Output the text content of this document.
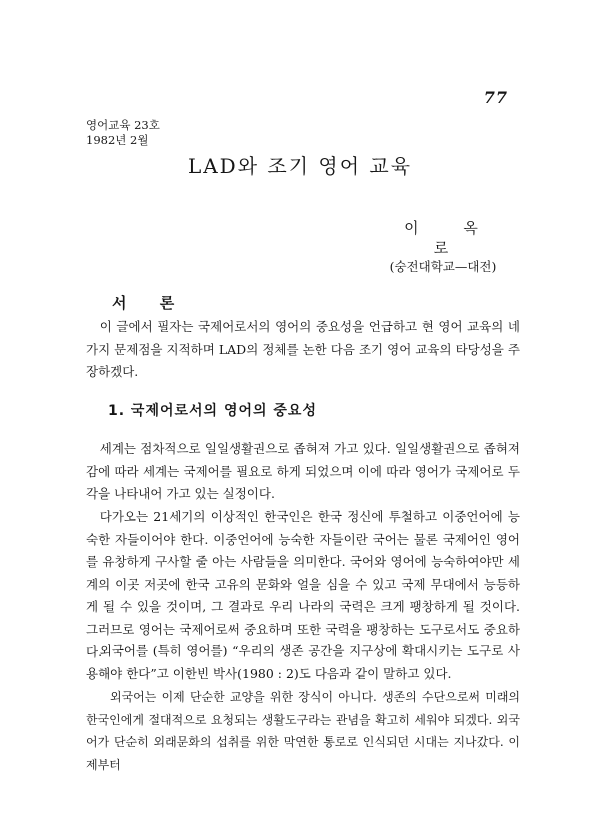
77
영어교육 23호
1982년 2월
LAD와 조기 영어 교육
이 옥 로
(숭전대학교—대전)
서 론

이 글에서 필자는 국제어로서의 영어의 중요성을 언급하고 현 영어 교육의 네가지 문제점을 지적하며 LAD의 정체를 논한 다음 조기 영어 교육의 타당성을 주장하겠다.

1. 국제어로서의 영어의 중요성

세계는 점차적으로 일일생활권으로 좁혀져 가고 있다. 일일생활권으로 좁혀져 감에 따라 세계는 국제어를 필요로 하게 되었으며 이에 따라 영어가 국제어로 두각을 나타내어 가고 있는 실정이다.

다가오는 21세기의 이상적인 한국인은 한국 정신에 투철하고 이중언어에 능숙한 자들이어야 한다. 이중언어에 능숙한 자들이란 국어는 물론 국제어인 영어를 유창하게 구사할 줄 아는 사람들을 의미한다. 국어와 영어에 능숙하여야만 세계의 이곳 저곳에 한국 고유의 문화와 얼을 심을 수 있고 국제 무대에서 능등하게 될 수 있을 것이며, 그 결과로 우리 나라의 국력은 크게 팽창하게 될 것이다. 그러므로 영어는 국제어로써 중요하며 또한 국력을 팽창하는 도구로서도 중요하다.

외국어를 (특히 영어를) “우리의 생존 공간을 지구상에 확대시키는 도구로 사용해야 한다”고 이한빈 박사(1980 : 2)도 다음과 같이 말하고 있다.

외국어는 이제 단순한 교양을 위한 장식이 아니다. 생존의 수단으로써 미래의 한국인에게 절대적으로 요청되는 생활도구라는 관념을 확고히 세워야 되겠다. 외국어가 단순히 외래문화의 섭취를 위한 막연한 통로로 인식되던 시대는 지나갔다. 이제부터
